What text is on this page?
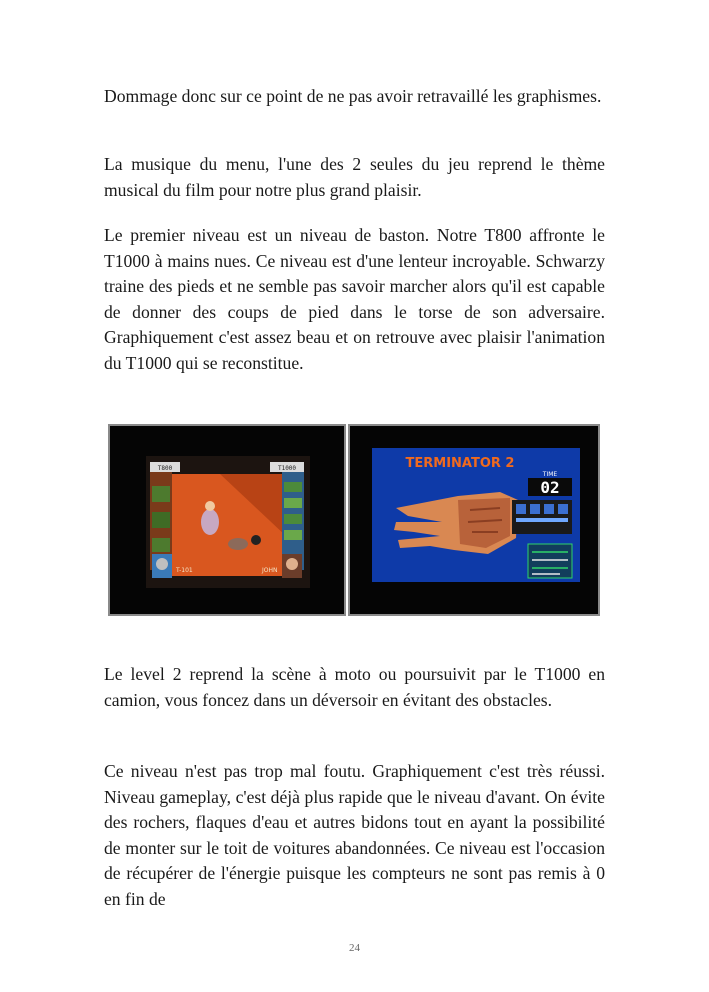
Dommage donc sur ce point de ne pas avoir retravaillé les graphismes.

La musique du menu, l'une des 2 seules du jeu reprend le thème musical du film pour notre plus grand plaisir.

Le premier niveau est un niveau de baston. Notre T800 affronte le T1000 à mains nues. Ce niveau est d'une lenteur incroyable. Schwarzy traine des pieds et ne semble pas savoir marcher alors qu'il est capable de donner des coups de pied dans le torse de son adversaire. Graphiquement c'est assez beau et on retrouve avec plaisir l'animation du T1000 qui se reconstitue.

T800	T1000
T-101	JOHN
TERMINATOR 2
TIME
02

Le level 2 reprend la scène à moto ou poursuivit par le T1000 en camion, vous foncez dans un déversoir en évitant des obstacles.

Ce niveau n'est pas trop mal foutu. Graphiquement c'est très réussi. Niveau gameplay, c'est déjà plus rapide que le niveau d'avant. On évite des rochers, flaques d'eau et autres bidons tout en ayant la possibilité de monter sur le toit de voitures abandonnées. Ce niveau est l'occasion de récupérer de l'énergie puisque les compteurs ne sont pas remis à 0 en fin de

24
